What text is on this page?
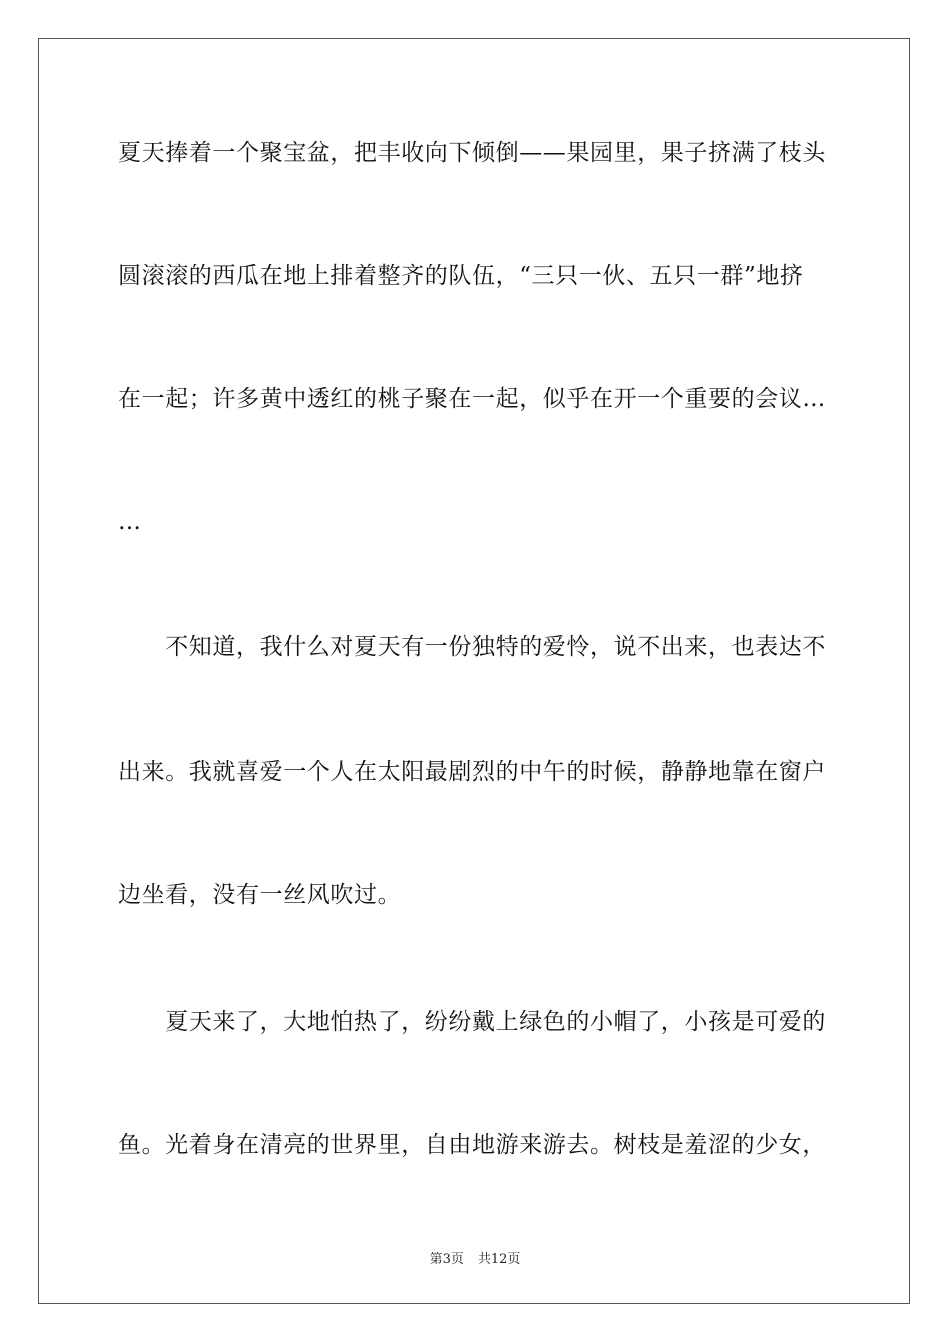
夏天捧着一个聚宝盆，把丰收向下倾倒——果园里，果子挤满了枝头
圆滚滚的西瓜在地上排着整齐的队伍，“三只一伙、五只一群”地挤
在一起；许多黄中透红的桃子聚在一起，似乎在开一个重要的会议…
…
　　不知道，我什么对夏天有一份独特的爱怜，说不出来，也表达不
出来。我就喜爱一个人在太阳最剧烈的中午的时候，静静地靠在窗户
边坐看，没有一丝风吹过。
　　夏天来了，大地怕热了，纷纷戴上绿色的小帽了，小孩是可爱的
鱼。光着身在清亮的世界里，自由地游来游去。树枝是羞涩的少女，
第3页 共12页
